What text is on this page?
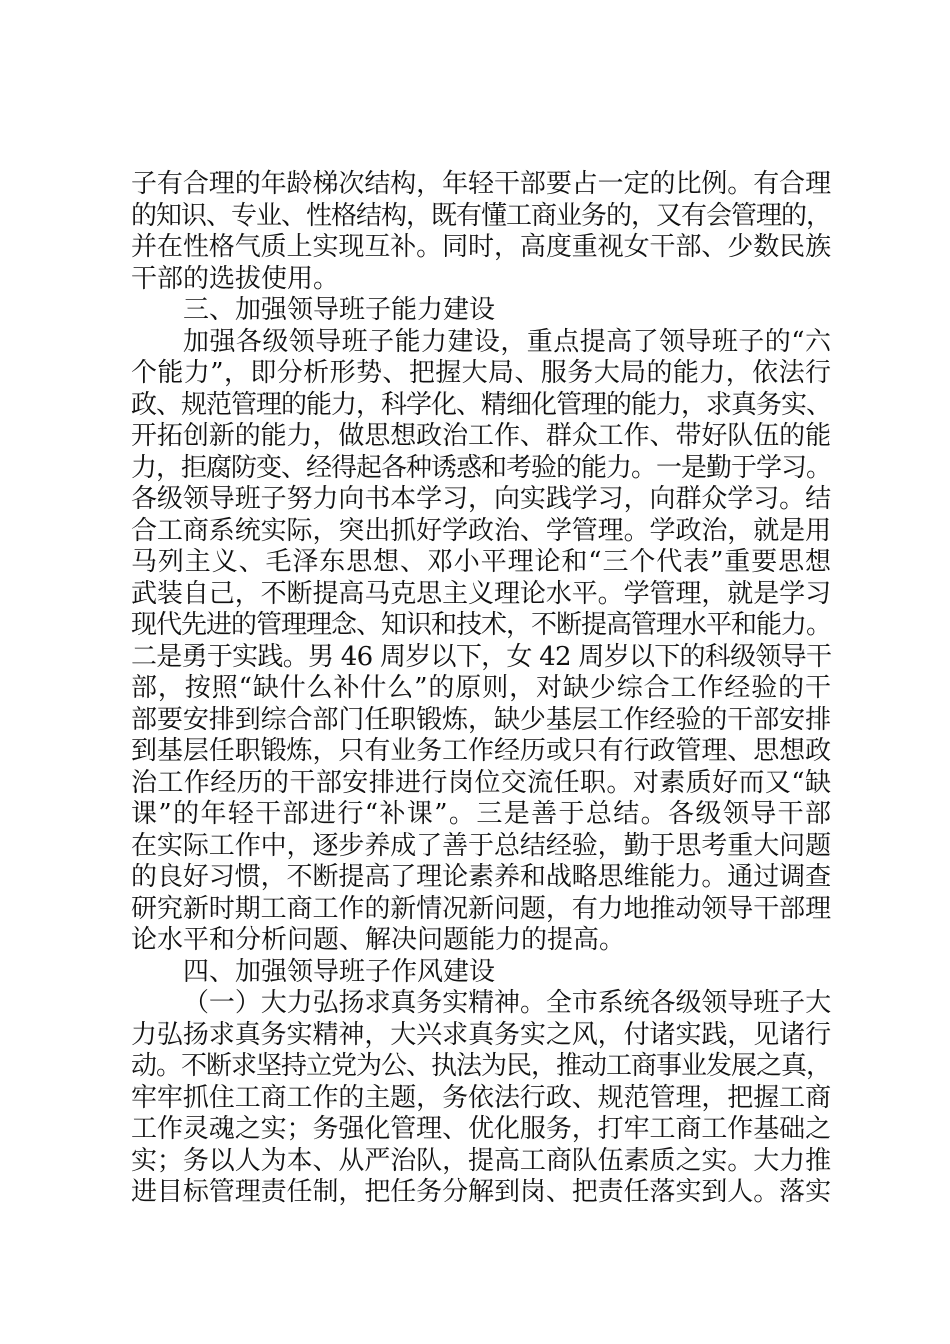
子有合理的年龄梯次结构，年轻干部要占一定的比例。有合理
的知识、专业、性格结构，既有懂工商业务的，又有会管理的，
并在性格气质上实现互补。同时，高度重视女干部、少数民族
干部的选拔使用。
三、加强领导班子能力建设
加强各级领导班子能力建设，重点提高了领导班子的“六
个能力”，即分析形势、把握大局、服务大局的能力，依法行
政、规范管理的能力，科学化、精细化管理的能力，求真务实、
开拓创新的能力，做思想政治工作、群众工作、带好队伍的能
力，拒腐防变、经得起各种诱惑和考验的能力。一是勤于学习。
各级领导班子努力向书本学习，向实践学习，向群众学习。结
合工商系统实际，突出抓好学政治、学管理。学政治，就是用
马列主义、毛泽东思想、邓小平理论和“三个代表”重要思想
武装自己，不断提高马克思主义理论水平。学管理，就是学习
现代先进的管理理念、知识和技术，不断提高管理水平和能力。
二是勇于实践。男 46 周岁以下，女 42 周岁以下的科级领导干
部，按照“缺什么补什么”的原则，对缺少综合工作经验的干
部要安排到综合部门任职锻炼，缺少基层工作经验的干部安排
到基层任职锻炼，只有业务工作经历或只有行政管理、思想政
治工作经历的干部安排进行岗位交流任职。对素质好而又“缺
课”的年轻干部进行“补课”。三是善于总结。各级领导干部
在实际工作中，逐步养成了善于总结经验，勤于思考重大问题
的良好习惯，不断提高了理论素养和战略思维能力。通过调查
研究新时期工商工作的新情况新问题，有力地推动领导干部理
论水平和分析问题、解决问题能力的提高。
四、加强领导班子作风建设
（一）大力弘扬求真务实精神。全市系统各级领导班子大
力弘扬求真务实精神，大兴求真务实之风，付诸实践，见诸行
动。不断求坚持立党为公、执法为民，推动工商事业发展之真，
牢牢抓住工商工作的主题，务依法行政、规范管理，把握工商
工作灵魂之实；务强化管理、优化服务，打牢工商工作基础之
实；务以人为本、从严治队，提高工商队伍素质之实。大力推
进目标管理责任制，把任务分解到岗、把责任落实到人。落实
